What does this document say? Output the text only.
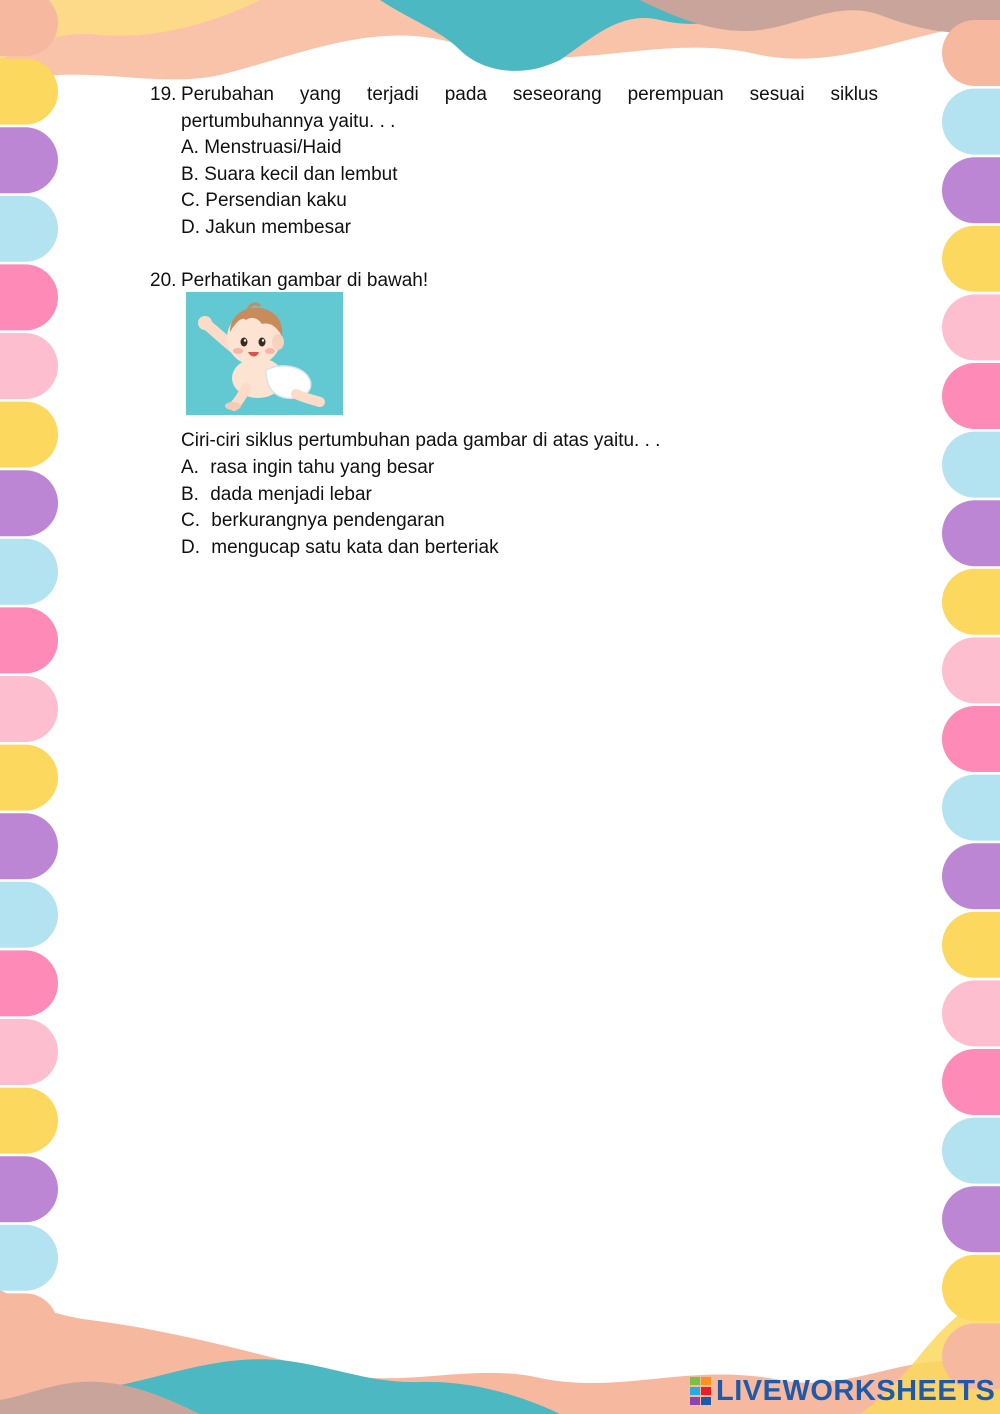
19. Perubahan yang terjadi pada seseorang perempuan sesuai siklus
pertumbuhannya yaitu. . .
A. Menstruasi/Haid
B. Suara kecil dan lembut
C. Persendian kaku
D. Jakun membesar
20. Perhatikan gambar di bawah!
Ciri-ciri siklus pertumbuhan pada gambar di atas yaitu. . .
A. rasa ingin tahu yang besar
B. dada menjadi lebar
C. berkurangnya pendengaran
D. mengucap satu kata dan berteriak
LIVEWORKSHEETS
